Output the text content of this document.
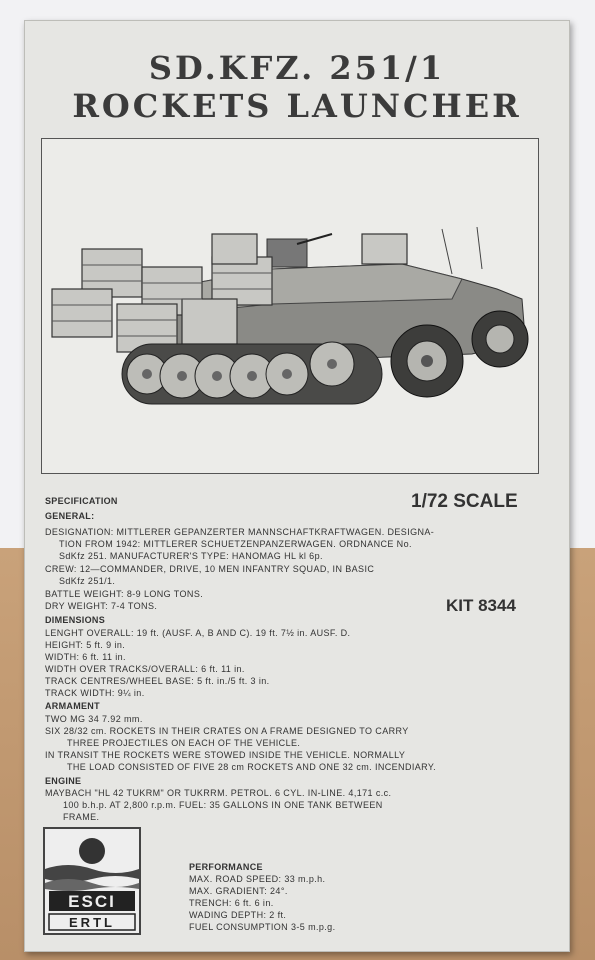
SD.KFZ. 251/1
ROCKETS LAUNCHER
1/72 SCALE
KIT 8344
SPECIFICATION
GENERAL:
DESIGNATION: MITTLERER GEPANZERTER MANNSCHAFTKRAFTWAGEN. DESIGNA-
TION FROM 1942: MITTLERER SCHUETZENPANZERWAGEN. ORDNANCE No.
SdKfz 251. MANUFACTURER'S TYPE: HANOMAG HL kl 6p.
CREW: 12—COMMANDER, DRIVE, 10 MEN INFANTRY SQUAD, IN BASIC
SdKfz 251/1.
BATTLE WEIGHT: 8-9 LONG TONS.
DRY WEIGHT: 7-4 TONS.
DIMENSIONS
LENGHT OVERALL: 19 ft. (AUSF. A, B AND C). 19 ft. 7½ in. AUSF. D.
HEIGHT: 5 ft. 9 in.
WIDTH: 6 ft. 11 in.
WIDTH OVER TRACKS/OVERALL: 6 ft. 11 in.
TRACK CENTRES/WHEEL BASE: 5 ft. in./5 ft. 3 in.
TRACK WIDTH: 9¼ in.
ARMAMENT
TWO MG 34 7.92 mm.
SIX 28/32 cm. ROCKETS IN THEIR CRATES ON A FRAME DESIGNED TO CARRY
THREE PROJECTILES ON EACH OF THE VEHICLE.
IN TRANSIT THE ROCKETS WERE STOWED INSIDE THE VEHICLE. NORMALLY
THE LOAD CONSISTED OF FIVE 28 cm ROCKETS AND ONE 32 cm. INCENDIARY.
ENGINE
MAYBACH "HL 42 TUKRM" OR TUKRRM. PETROL. 6 CYL. IN-LINE. 4,171 c.c.
100 b.h.p. AT 2,800 r.p.m. FUEL: 35 GALLONS IN ONE TANK BETWEEN
FRAME.
PERFORMANCE
MAX. ROAD SPEED: 33 m.p.h.
MAX. GRADIENT: 24°.
TRENCH: 6 ft. 6 in.
WADING DEPTH: 2 ft.
FUEL CONSUMPTION 3-5 m.p.g.
ESCI
ERTL
